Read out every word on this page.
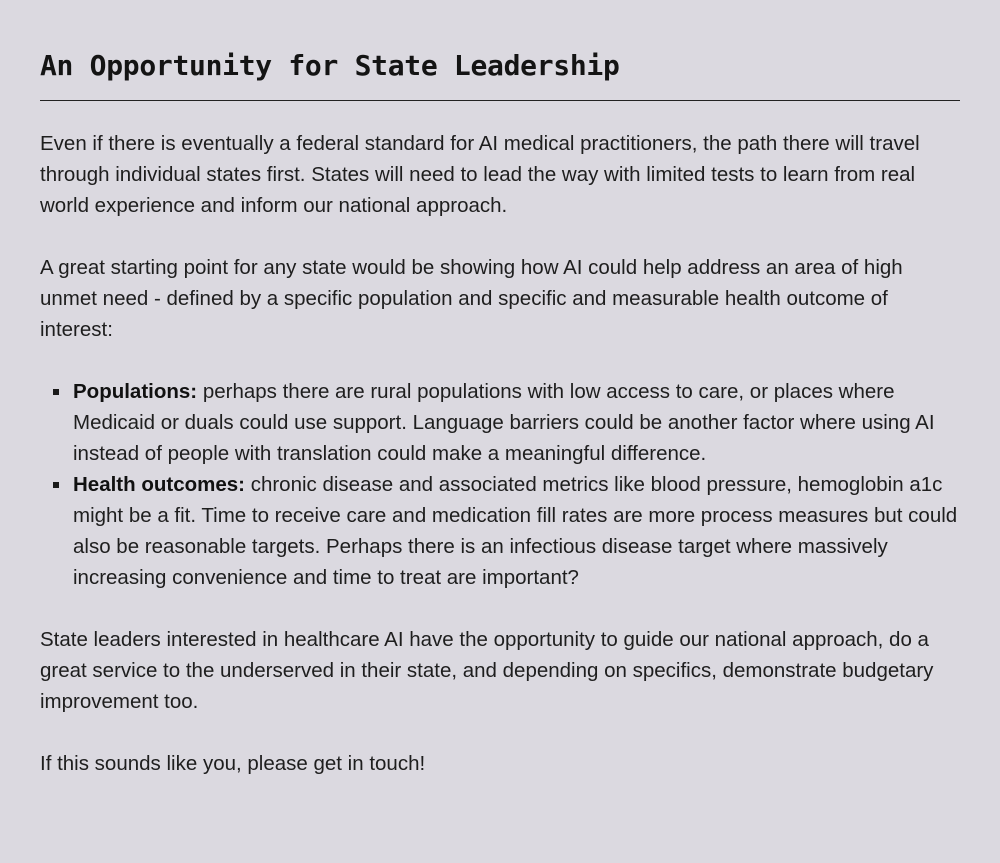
An Opportunity for State Leadership

Even if there is eventually a federal standard for AI medical practitioners, the path there will travel through individual states first. States will need to lead the way with limited tests to learn from real world experience and inform our national approach.

A great starting point for any state would be showing how AI could help address an area of high unmet need - defined by a specific population and specific and measurable health outcome of interest:

Populations: perhaps there are rural populations with low access to care, or places where Medicaid or duals could use support. Language barriers could be another factor where using AI instead of people with translation could make a meaningful difference.
Health outcomes: chronic disease and associated metrics like blood pressure, hemoglobin a1c might be a fit. Time to receive care and medication fill rates are more process measures but could also be reasonable targets. Perhaps there is an infectious disease target where massively increasing convenience and time to treat are important?

State leaders interested in healthcare AI have the opportunity to guide our national approach, do a great service to the underserved in their state, and depending on specifics, demonstrate budgetary improvement too.

If this sounds like you, please get in touch!
